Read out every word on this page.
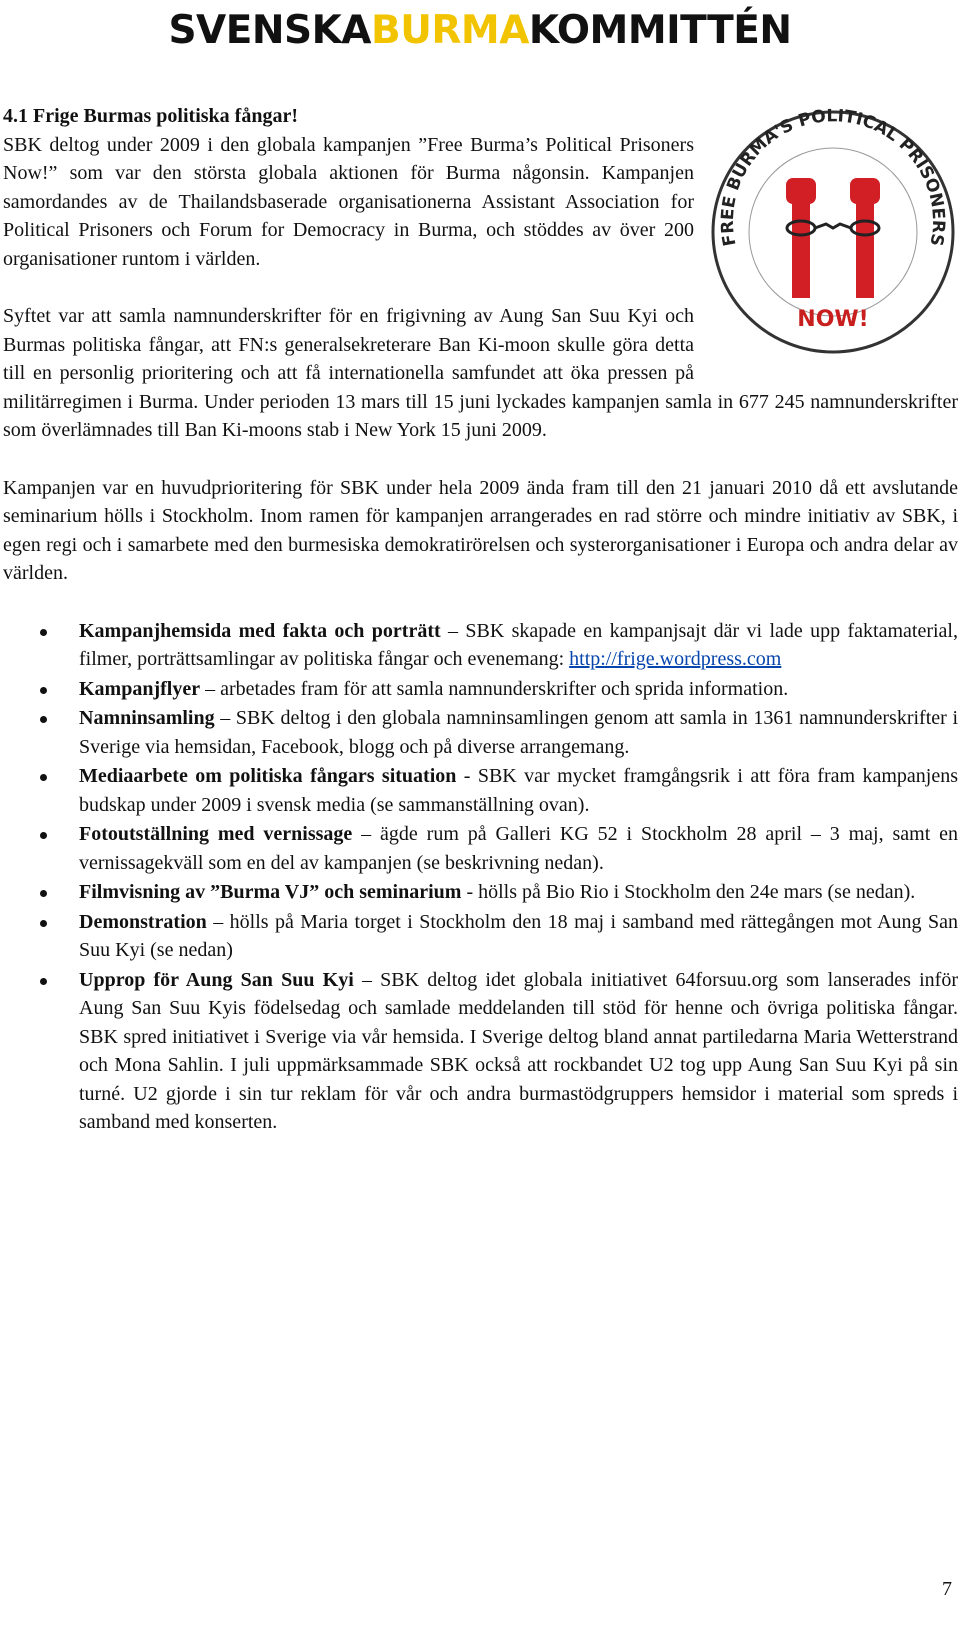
SVENSKABURMAKOMMITTÉN
FREE BURMA'S POLITICAL PRISONERS
NOW!
4.1 Frige Burmas politiska fångar!

SBK deltog under 2009 i den globala kampanjen ”Free Burma’s Political Prisoners Now!” som var den största globala aktionen för Burma någonsin. Kampanjen samordandes av de Thailandsbaserade organisationerna Assistant Association for Political Prisoners och Forum for Democracy in Burma, och stöddes av över 200 organisationer runtom i världen.

Syftet var att samla namnunderskrifter för en frigivning av Aung San Suu Kyi och Burmas politiska fångar, att FN:s generalsekreterare Ban Ki-moon skulle göra detta till en personlig prioritering och att få internationella samfundet att öka pressen på militärregimen i Burma. Under perioden 13 mars till 15 juni lyckades kampanjen samla in 677 245 namnunderskrifter som överlämnades till Ban Ki-moons stab i New York 15 juni 2009.

Kampanjen var en huvudprioritering för SBK under hela 2009 ända fram till den 21 januari 2010 då ett avslutande seminarium hölls i Stockholm. Inom ramen för kampanjen arrangerades en rad större och mindre initiativ av SBK, i egen regi och i samarbete med den burmesiska demokratirörelsen och systerorganisationer i Europa och andra delar av världen.

Kampanjhemsida med fakta och porträtt – SBK skapade en kampanjsajt där vi lade upp faktamaterial, filmer, porträttsamlingar av politiska fångar och evenemang: http://frige.wordpress.com
Kampanjflyer – arbetades fram för att samla namnunderskrifter och sprida information.
Namninsamling – SBK deltog i den globala namninsamlingen genom att samla in 1361 namnunderskrifter i Sverige via hemsidan, Facebook, blogg och på diverse arrangemang.
Mediaarbete om politiska fångars situation - SBK var mycket framgångsrik i att föra fram kampanjens budskap under 2009 i svensk media (se sammanställning ovan).
Fotoutställning med vernissage – ägde rum på Galleri KG 52 i Stockholm 28 april – 3 maj, samt en vernissagekväll som en del av kampanjen (se beskrivning nedan).
Filmvisning av ”Burma VJ” och seminarium - hölls på Bio Rio i Stockholm den 24e mars (se nedan).
Demonstration – hölls på Maria torget i Stockholm den 18 maj i samband med rättegången mot Aung San Suu Kyi (se nedan)
Upprop för Aung San Suu Kyi – SBK deltog idet globala initiativet 64forsuu.org som lanserades inför Aung San Suu Kyis födelsedag och samlade meddelanden till stöd för henne och övriga politiska fångar. SBK spred initiativet i Sverige via vår hemsida. I Sverige deltog bland annat partiledarna Maria Wetterstrand och Mona Sahlin. I juli uppmärksammade SBK också att rockbandet U2 tog upp Aung San Suu Kyi på sin turné. U2 gjorde i sin tur reklam för vår och andra burmastödgruppers hemsidor i material som spreds i samband med konserten.
7
